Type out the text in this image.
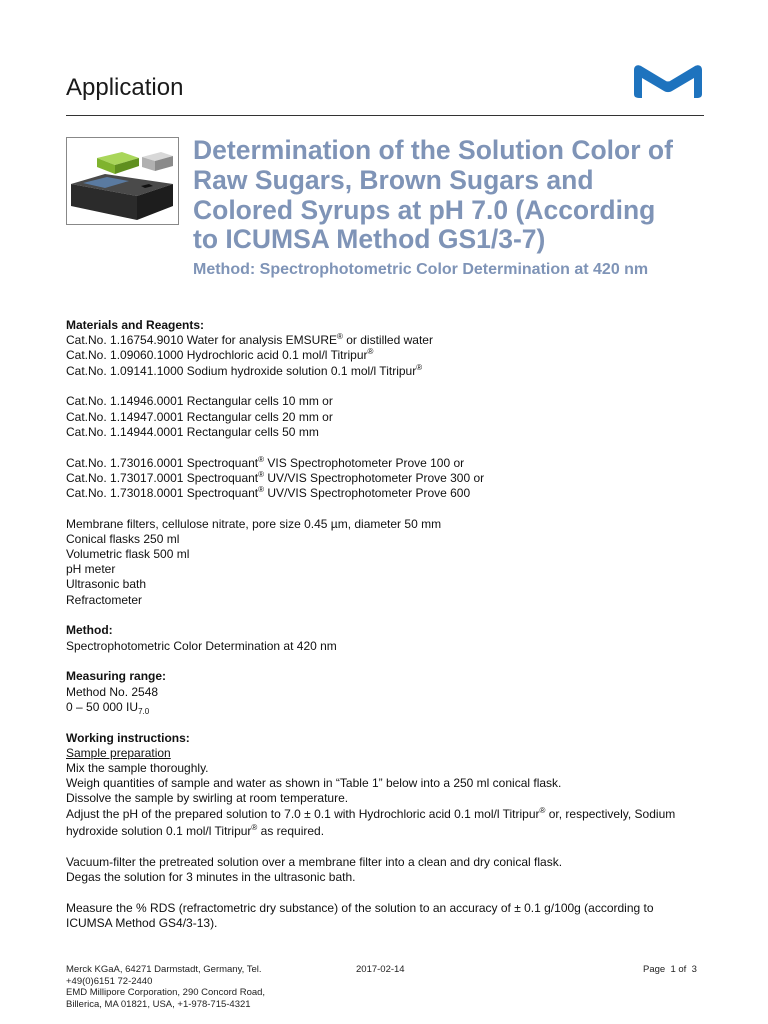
Application
Determination of the Solution Color of
Raw Sugars, Brown Sugars and
Colored Syrups at pH 7.0 (According
to ICUMSA Method GS1/3-7)

Method: Spectrophotometric Color Determination at 420 nm

Materials and Reagents:
Cat.No. 1.16754.9010 Water for analysis EMSURE® or distilled water
Cat.No. 1.09060.1000 Hydrochloric acid 0.1 mol/l Titripur®
Cat.No. 1.09141.1000 Sodium hydroxide solution 0.1 mol/l Titripur®
Cat.No. 1.14946.0001 Rectangular cells 10 mm or
Cat.No. 1.14947.0001 Rectangular cells 20 mm or
Cat.No. 1.14944.0001 Rectangular cells 50 mm
Cat.No. 1.73016.0001 Spectroquant® VIS Spectrophotometer Prove 100 or
Cat.No. 1.73017.0001 Spectroquant® UV/VIS Spectrophotometer Prove 300 or
Cat.No. 1.73018.0001 Spectroquant® UV/VIS Spectrophotometer Prove 600
Membrane filters, cellulose nitrate, pore size 0.45 µm, diameter 50 mm
Conical flasks 250 ml
Volumetric flask 500 ml
pH meter
Ultrasonic bath
Refractometer
Method:
Spectrophotometric Color Determination at 420 nm
Measuring range:
Method No. 2548
0 – 50 000 $IU_{7.0}$
Working instructions:
Sample preparation
Mix the sample thoroughly.
Weigh quantities of sample and water as shown in “Table 1” below into a 250 ml conical flask.
Dissolve the sample by swirling at room temperature.
Adjust the pH of the prepared solution to 7.0 ± 0.1 with Hydrochloric acid 0.1 mol/l Titripur® or, respectively, Sodium
hydroxide solution 0.1 mol/l Titripur® as required.
Vacuum-filter the pretreated solution over a membrane filter into a clean and dry conical flask.
Degas the solution for 3 minutes in the ultrasonic bath.
Measure the % RDS (refractometric dry substance) of the solution to an accuracy of ± 0.1 g/100g (according to
ICUMSA Method GS4/3-13).
Merck KGaA, 64271 Darmstadt, Germany, Tel.
+49(0)6151 72-2440
EMD Millipore Corporation, 290 Concord Road,
Billerica, MA 01821, USA, +1-978-715-4321
2017-02-14	Page  1 of  3
